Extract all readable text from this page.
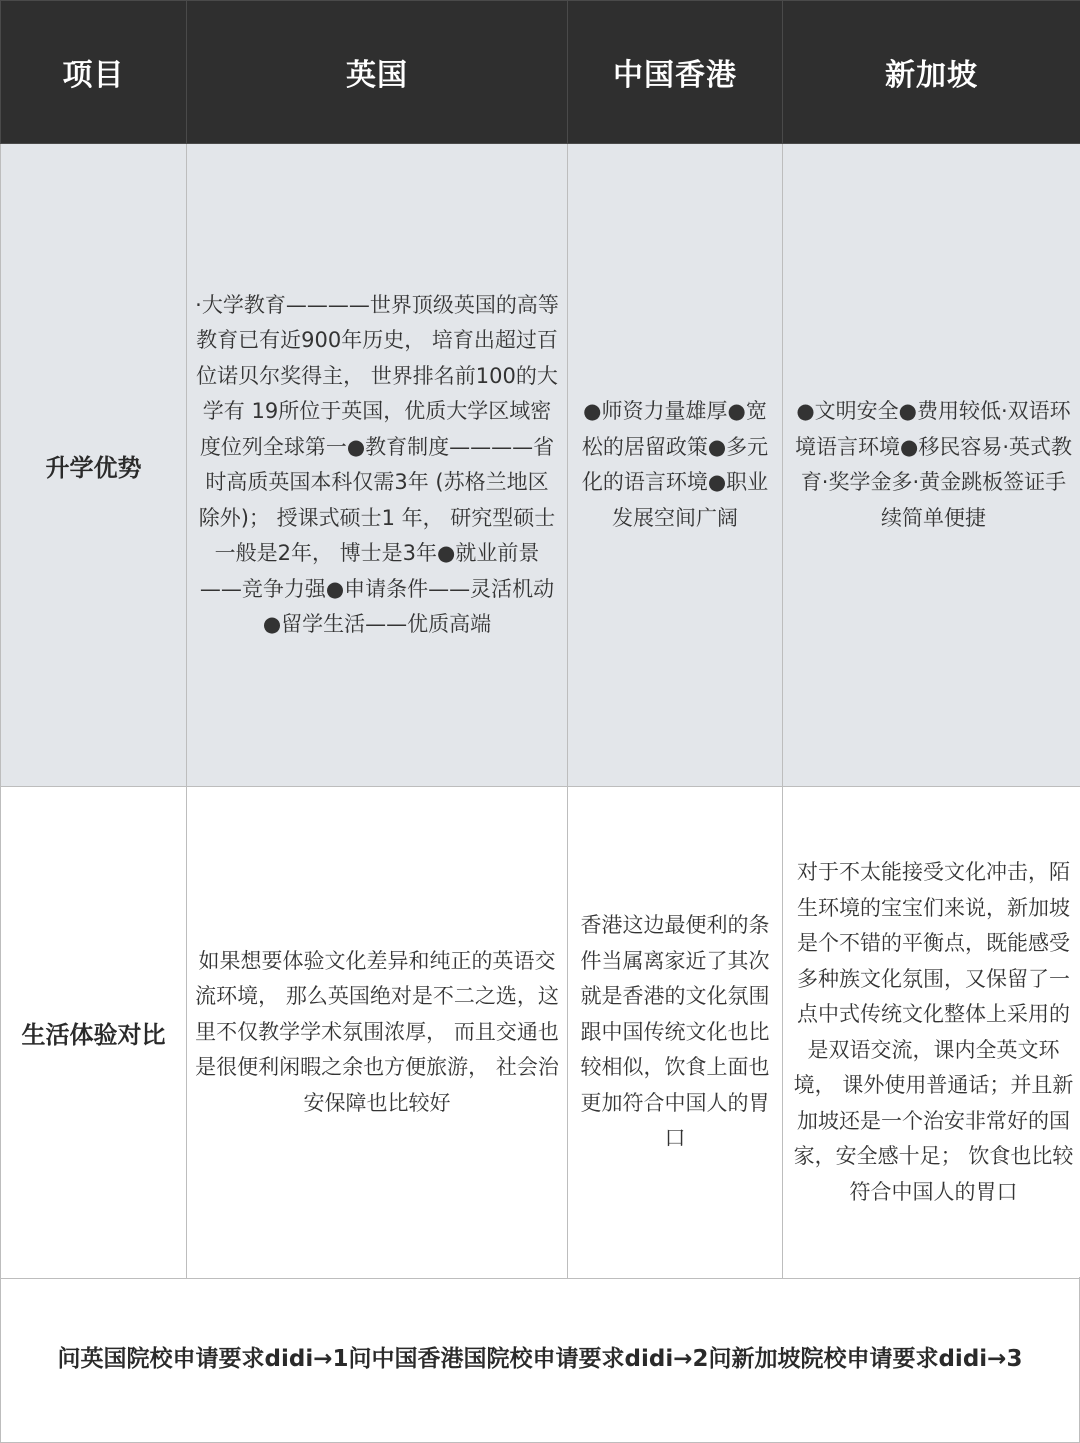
项目	英国	中国香港	新加坡
升学优势	·大学教育————世界顶级英国的高等教育已有近900年历史， 培育出超过百位诺贝尔奖得主， 世界排名前100的大学有 19所位于英国，优质大学区域密度位列全球第一●教育制度————省时高质英国本科仅需3年 (苏格兰地区除外)； 授课式硕士1 年， 研究型硕士一般是2年， 博士是3年●就业前景——竞争力强●申请条件——灵活机动●留学生活——优质高端	●师资力量雄厚●宽松的居留政策●多元化的语言环境●职业发展空间广阔	●文明安全●费用较低·双语环境语言环境●移民容易·英式教育·奖学金多·黄金跳板签证手续简单便捷
生活体验对比	如果想要体验文化差异和纯正的英语交流环境， 那么英国绝对是不二之选，这里不仅教学学术氛围浓厚， 而且交通也是很便利闲暇之余也方便旅游， 社会治安保障也比较好	香港这边最便利的条件当属离家近了其次就是香港的文化氛围跟中国传统文化也比较相似，饮食上面也更加符合中国人的胃口	对于不太能接受文化冲击，陌生环境的宝宝们来说，新加坡是个不错的平衡点，既能感受多种族文化氛围，又保留了一点中式传统文化整体上采用的是双语交流，课内全英文环境， 课外使用普通话；并且新加坡还是一个治安非常好的国家，安全感十足； 饮食也比较符合中国人的胃口
问英国院校申请要求didi→1问中国香港国院校申请要求didi→2问新加坡院校申请要求didi→3
